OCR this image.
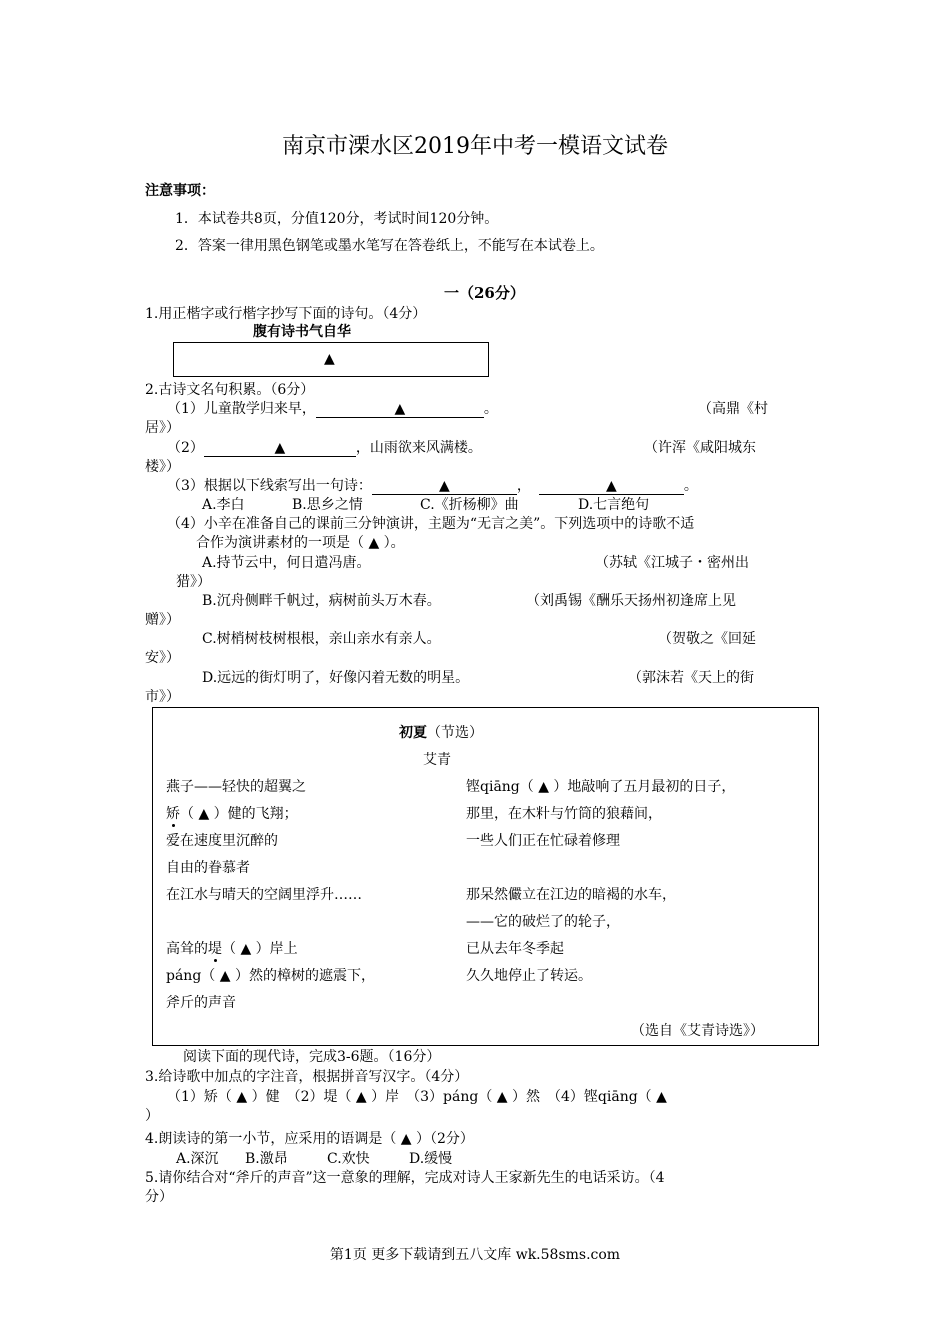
南京市溧水区2019年中考一模语文试卷
注意事项：
1．本试卷共8页，分值120分，考试时间120分钟。
2．答案一律用黑色钢笔或墨水笔写在答卷纸上，不能写在本试卷上。
一（26分）
1.用正楷字或行楷字抄写下面的诗句。（4分）
腹有诗书气自华
▲
2.古诗文名句积累。（6分）
（1）儿童散学归来早，	▲	。	（高鼎《村
居》）
（2）	▲	，山雨欲来风满楼。	（许浑《咸阳城东
楼》）
（3）根据以下线索写出一句诗：	▲	，	▲	。
A.李白	B.思乡之情	C.《折杨柳》曲	D.七言绝句
（4）小辛在准备自己的课前三分钟演讲，主题为“无言之美”。下列选项中的诗歌不适
合作为演讲素材的一项是（ ▲ ）。
A.持节云中，何日遣冯唐。	（苏轼《江城子・密州出
猎》）
B.沉舟侧畔千帆过，病树前头万木春。	（刘禹锡《酬乐天扬州初逢席上见
赠》）
C.树梢树枝树根根，亲山亲水有亲人。	（贺敬之《回延
安》）
D.远远的街灯明了，好像闪着无数的明星。	（郭沫若《天上的街
市》）
初夏（节选）
艾青
燕子——轻快的超翼之
矫（ ▲ ）健的飞翔；
爱在速度里沉醉的
自由的眷慕者
在江水与晴天的空阔里浮升……
高耸的堤（ ▲ ）岸上
páng（ ▲ ）然的樟树的遮震下，
斧斤的声音
铿qiāng（ ▲ ）地敲响了五月最初的日子，
那里，在木籵与竹筒的狼藉间，
一些人们正在忙碌着修理
那呆然儼立在江边的暗褐的水车，
——它的破烂了的轮子，
已从去年冬季起
久久地停止了转运。
（选自《艾青诗选》）
阅读下面的现代诗，完成3-6题。（16分）
3.给诗歌中加点的字注音，根据拼音写汉字。（4分）
（1）矫（ ▲ ）健　（2）堤（ ▲ ）岸　（3）páng（ ▲ ）然　（4）铿qiāng（ ▲
）
4.朗读诗的第一小节，应采用的语调是（ ▲ ）（2分）
A.深沉 B.激昂	C.欢快	D.缓慢
5.请你结合对“斧斤的声音”这一意象的理解，完成对诗人王家新先生的电话采访。（4
分）
第1页 更多下载请到五八文库 wk.58sms.com
